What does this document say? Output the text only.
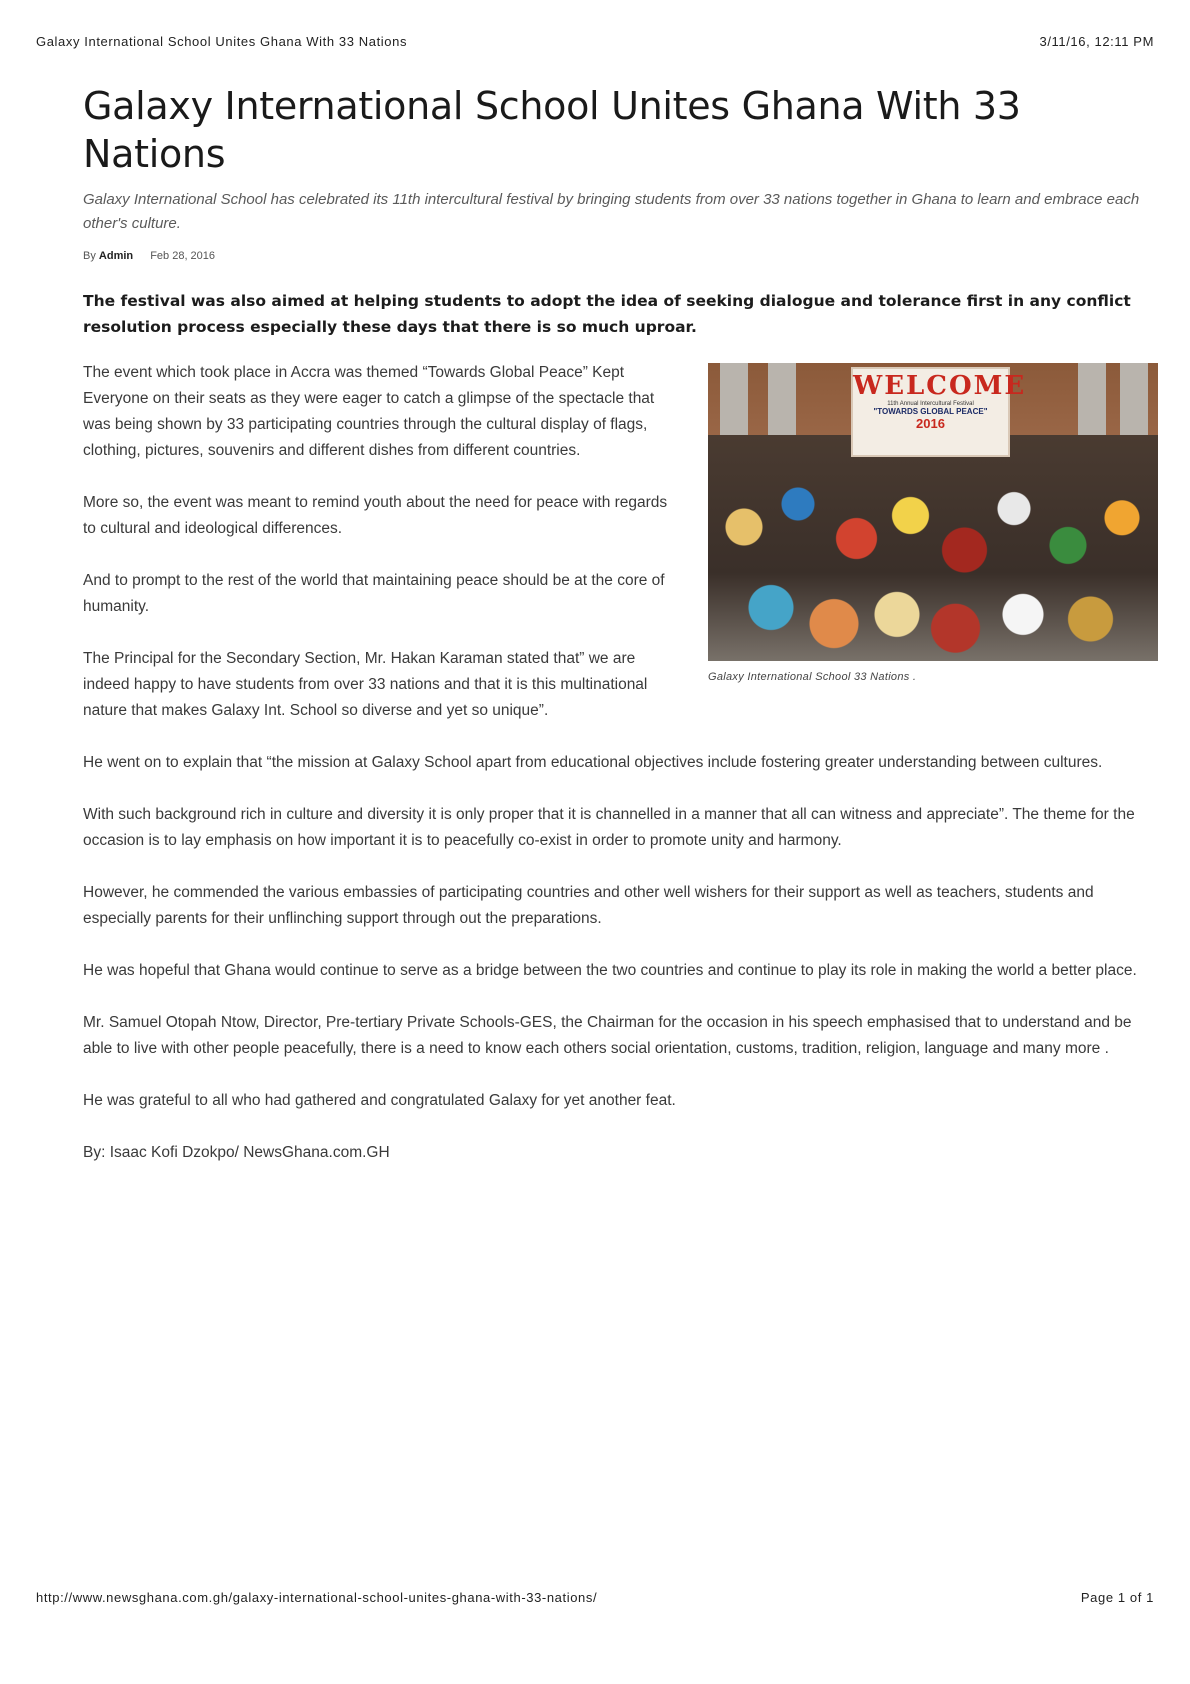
Galaxy International School Unites Ghana With 33 Nations	3/11/16, 12:11 PM
Galaxy International School Unites Ghana With 33 Nations

Galaxy International School has celebrated its 11th intercultural festival by bringing students from over 33 nations together in Ghana to learn and embrace each other's culture.

By Admin Feb 28, 2016

The festival was also aimed at helping students to adopt the idea of seeking dialogue and tolerance first in any conflict resolution process especially these days that there is so much uproar.

WELCOME
11th Annual Intercultural Festival
"TOWARDS GLOBAL PEACE"
2016
Galaxy International School 33 Nations .

The event which took place in Accra was themed “Towards Global Peace” Kept Everyone on their seats as they were eager to catch a glimpse of the spectacle that was being shown by 33 participating countries through the cultural display of flags, clothing, pictures, souvenirs and different dishes from different countries.

More so, the event was meant to remind youth about the need for peace with regards to cultural and ideological differences.

And to prompt to the rest of the world that maintaining peace should be at the core of humanity.

The Principal for the Secondary Section, Mr. Hakan Karaman stated that” we are indeed happy to have students from over 33 nations and that it is this multinational nature that makes Galaxy Int. School so diverse and yet so unique”.

He went on to explain that “the mission at Galaxy School apart from educational objectives include fostering greater understanding between cultures.

With such background rich in culture and diversity it is only proper that it is channelled in a manner that all can witness and appreciate”. The theme for the occasion is to lay emphasis on how important it is to peacefully co-exist in order to promote unity and harmony.

However, he commended the various embassies of participating countries and other well wishers for their support as well as teachers, students and especially parents for their unflinching support through out the preparations.

He was hopeful that Ghana would continue to serve as a bridge between the two countries and continue to play its role in making the world a better place.

Mr. Samuel Otopah Ntow, Director, Pre-tertiary Private Schools-GES, the Chairman for the occasion in his speech emphasised that to understand and be able to live with other people peacefully, there is a need to know each others social orientation, customs, tradition, religion, language and many more .

He was grateful to all who had gathered and congratulated Galaxy for yet another feat.

By: Isaac Kofi Dzokpo/ NewsGhana.com.GH

http://www.newsghana.com.gh/galaxy-international-school-unites-ghana-with-33-nations/	Page 1 of 1
